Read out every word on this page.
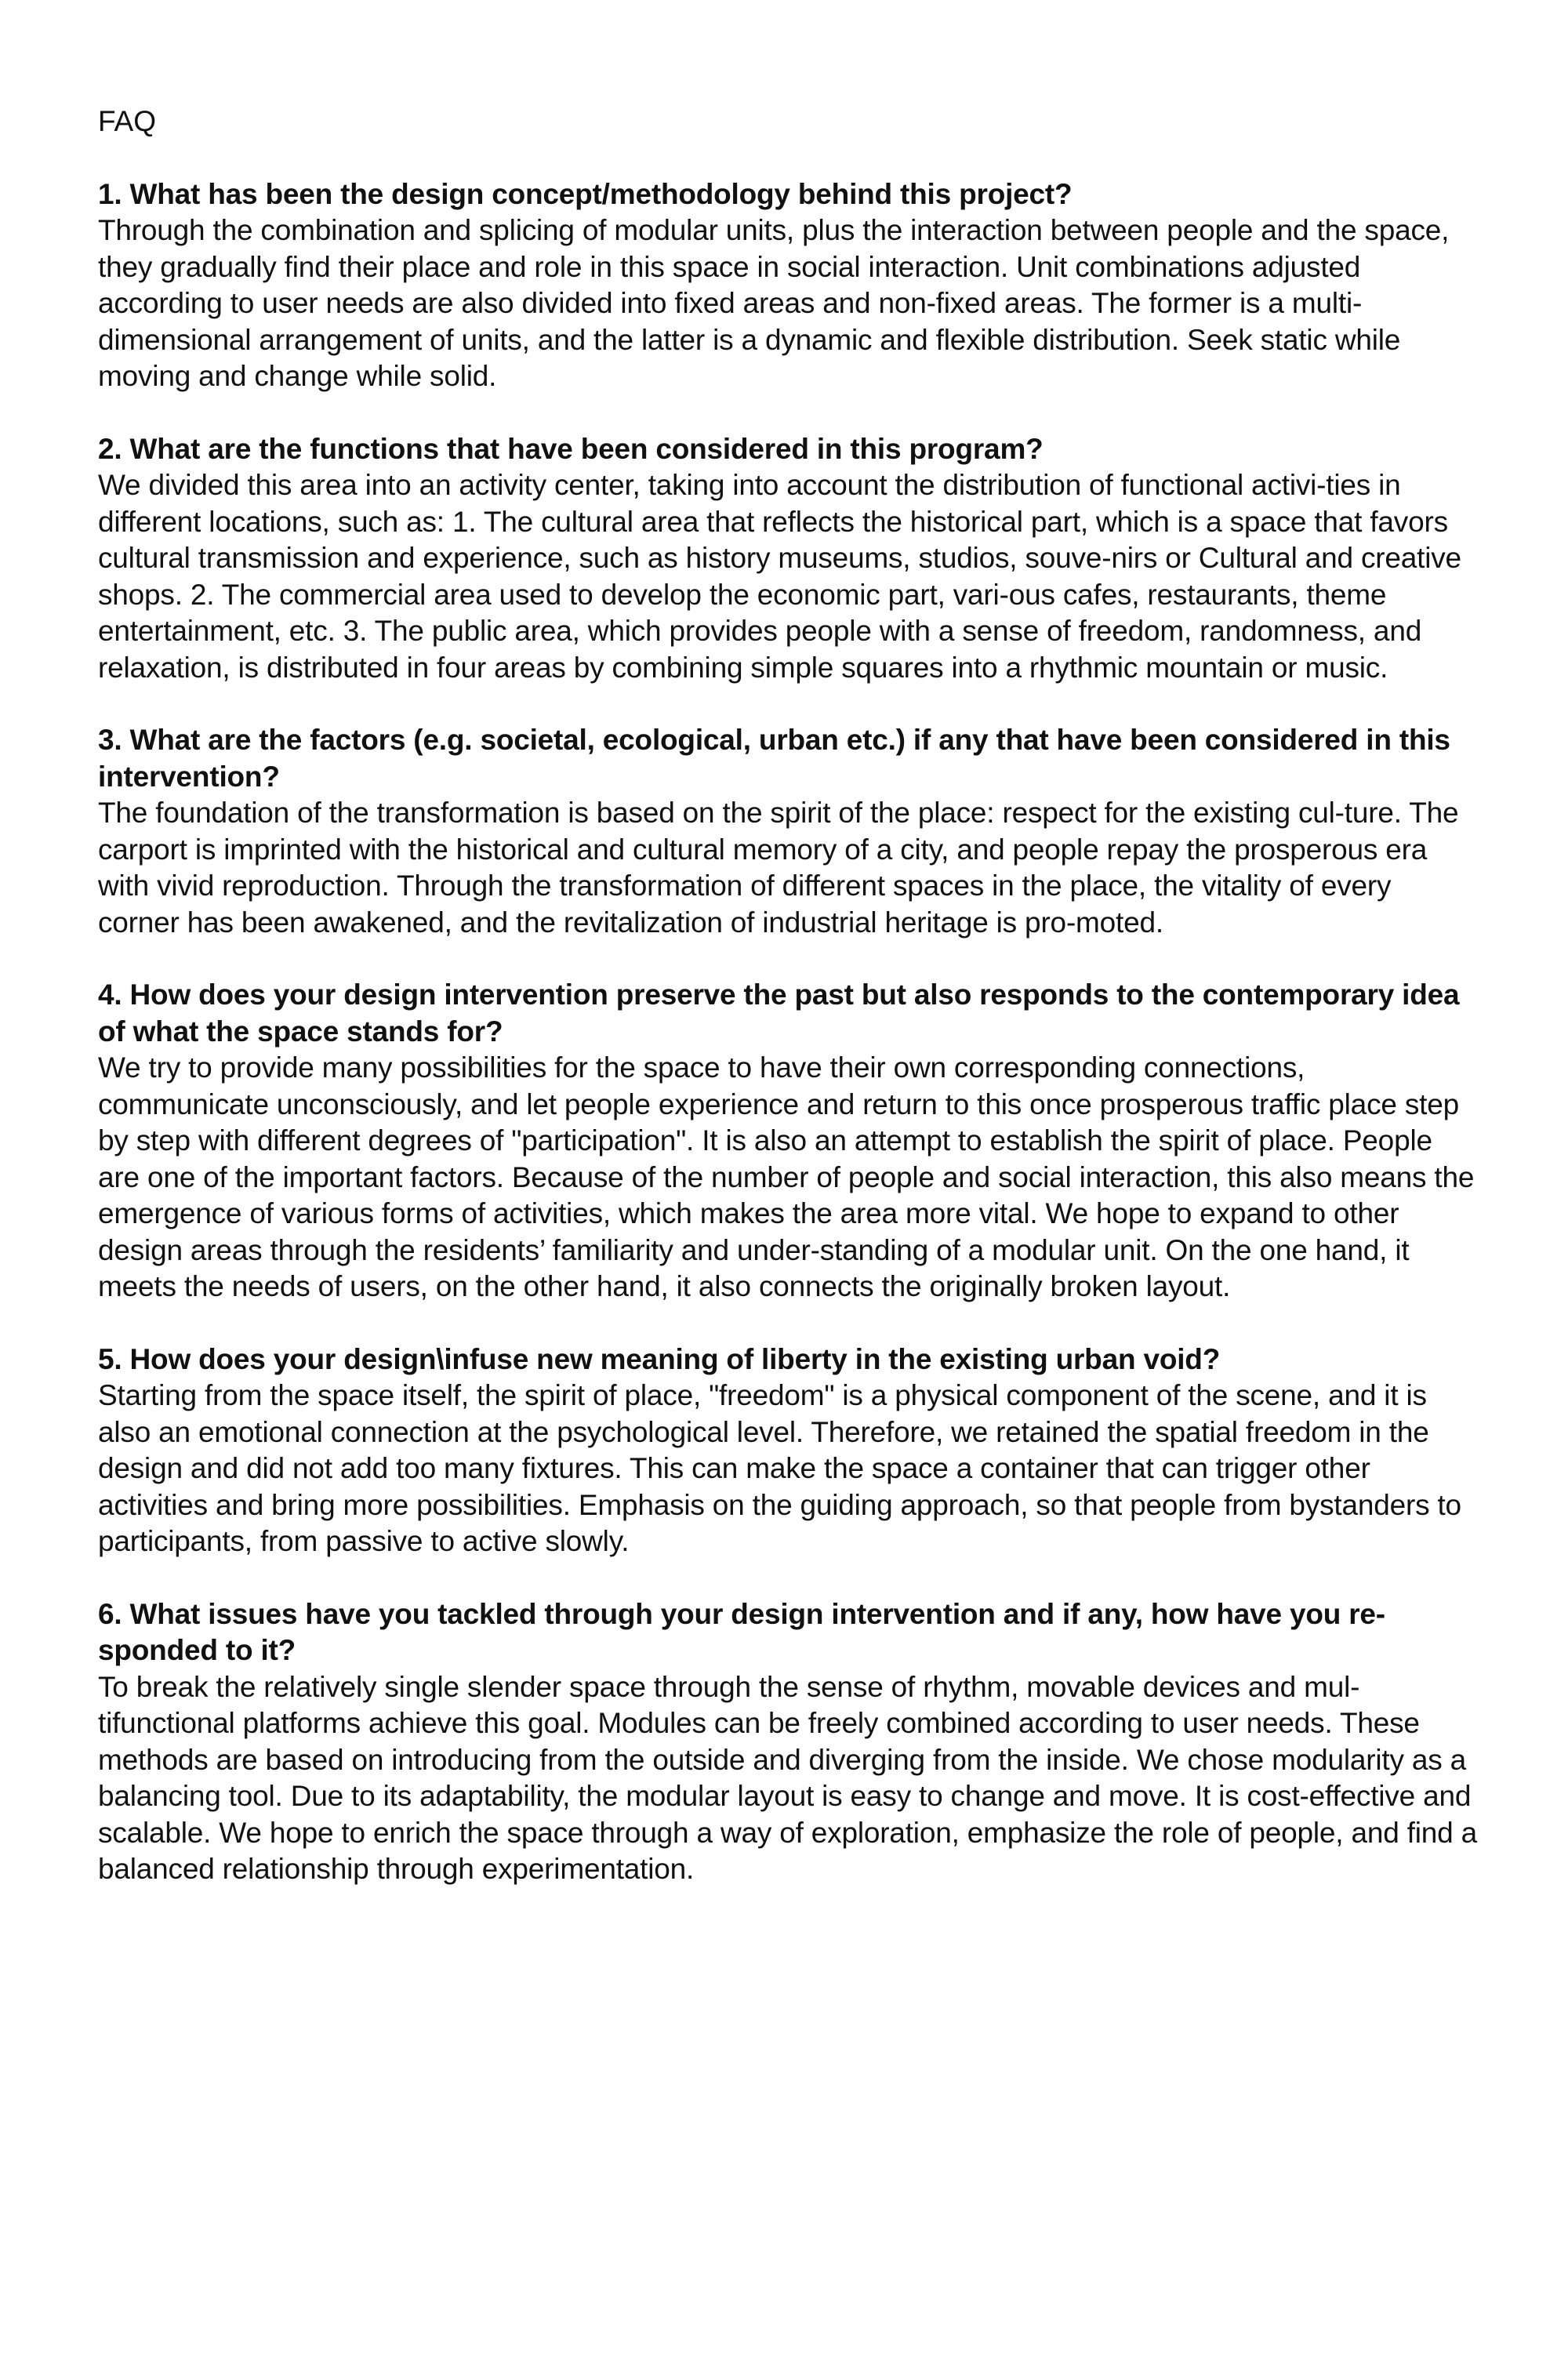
FAQ
1. What has been the design concept/methodology behind this project?
Through the combination and splicing of modular units, plus the interaction between people and the space, they gradually find their place and role in this space in social interaction. Unit combinations adjusted according to user needs are also divided into fixed areas and non-fixed areas. The former is a multi-dimensional arrangement of units, and the latter is a dynamic and flexible distribution. Seek static while moving and change while solid.
2. What are the functions that have been considered in this program?
We divided this area into an activity center, taking into account the distribution of functional activi-ties in different locations, such as: 1. The cultural area that reflects the historical part, which is a space that favors cultural transmission and experience, such as history museums, studios, souve-nirs or Cultural and creative shops. 2. The commercial area used to develop the economic part, vari-ous cafes, restaurants, theme entertainment, etc. 3. The public area, which provides people with a sense of freedom, randomness, and relaxation, is distributed in four areas by combining simple squares into a rhythmic mountain or music.
3. What are the factors (e.g. societal, ecological, urban etc.) if any that have been considered in this intervention?
The foundation of the transformation is based on the spirit of the place: respect for the existing cul-ture. The carport is imprinted with the historical and cultural memory of a city, and people repay the prosperous era with vivid reproduction. Through the transformation of different spaces in the place, the vitality of every corner has been awakened, and the revitalization of industrial heritage is pro-moted.
4. How does your design intervention preserve the past but also responds to the contemporary idea of what the space stands for?
We try to provide many possibilities for the space to have their own corresponding connections, communicate unconsciously, and let people experience and return to this once prosperous traffic place step by step with different degrees of "participation". It is also an attempt to establish the spirit of place. People are one of the important factors. Because of the number of people and social interaction, this also means the emergence of various forms of activities, which makes the area more vital. We hope to expand to other design areas through the residents’ familiarity and under-standing of a modular unit. On the one hand, it meets the needs of users, on the other hand, it also connects the originally broken layout.
5. How does your design\infuse new meaning of liberty in the existing urban void?
Starting from the space itself, the spirit of place, "freedom" is a physical component of the scene, and it is also an emotional connection at the psychological level. Therefore, we retained the spatial freedom in the design and did not add too many fixtures. This can make the space a container that can trigger other activities and bring more possibilities. Emphasis on the guiding approach, so that people from bystanders to participants, from passive to active slowly.
6. What issues have you tackled through your design intervention and if any, how have you re-sponded to it?
To break the relatively single slender space through the sense of rhythm, movable devices and mul-tifunctional platforms achieve this goal. Modules can be freely combined according to user needs. These methods are based on introducing from the outside and diverging from the inside. We chose modularity as a balancing tool. Due to its adaptability, the modular layout is easy to change and move. It is cost-effective and scalable. We hope to enrich the space through a way of exploration, emphasize the role of people, and find a balanced relationship through experimentation.
